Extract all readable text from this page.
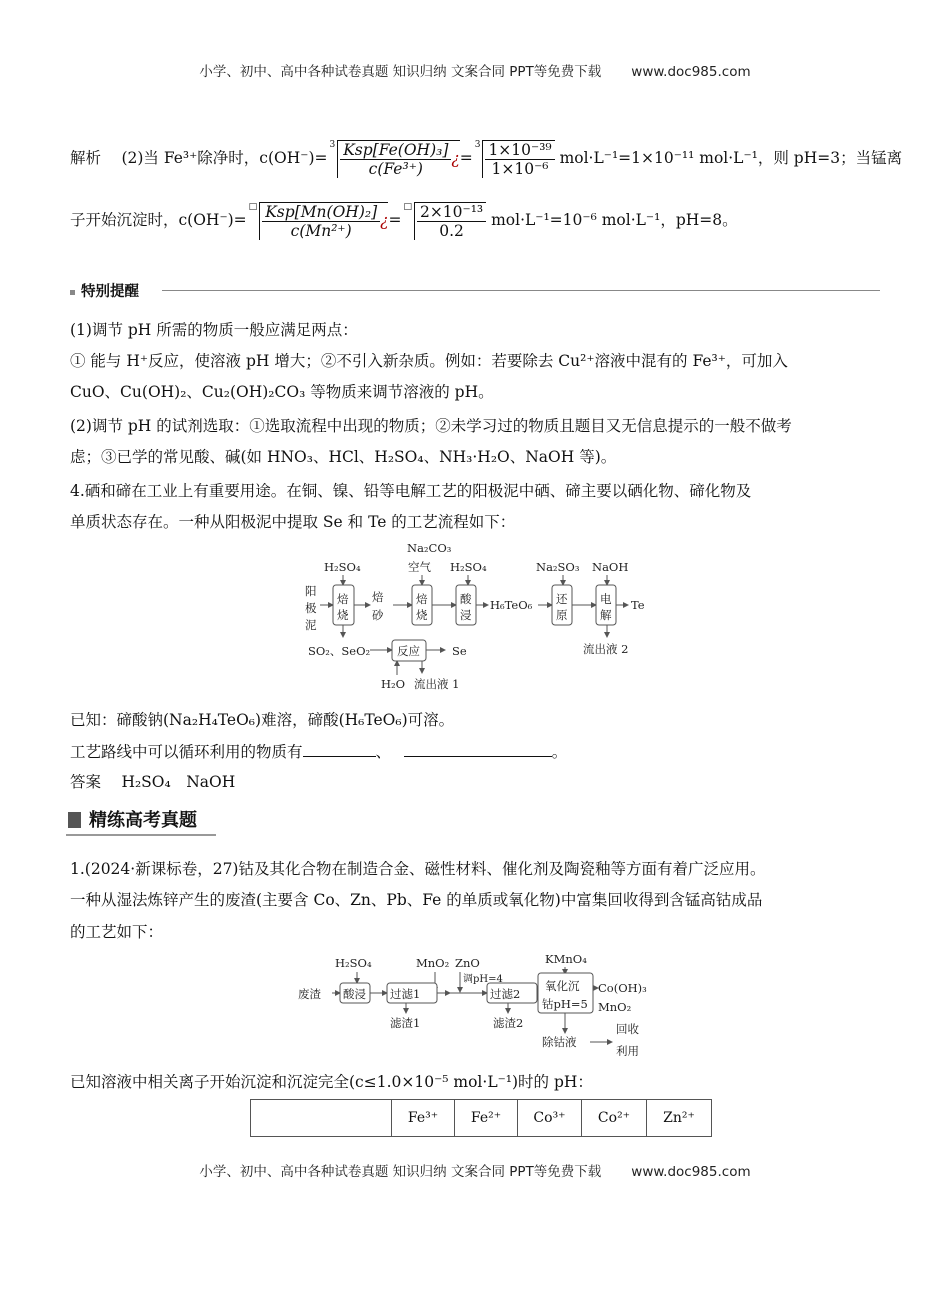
小学、初中、高中各种试卷真题 知识归纳 文案合同 PPT等免费下载 www.doc985.com
解析　 (2)当 Fe³⁺除净时，c(OH⁻)=$^3$ Ksp[Fe(OH)₃]
c(Fe³⁺)
¿$=^3 \frac{\text{1×10⁻³⁹}}{\text{1×10⁻⁶}} mol\cdot L^{-1}=1\times 10^{-11}$ mol·L⁻¹，则 pH=3；当锰离
子开始沉淀时，c(OH⁻)=□ Ksp[Mn(OH)₂]
c(Mn²⁺)
¿$=^□ \frac{\text{2×10⁻¹³}}{0.2} mol\cdot L^{-1}=10^{-6}$ mol·L⁻¹，pH=8。
特别提醒
(1)调节 pH 所需的物质一般应满足两点：
① 能与 H⁺反应，使溶液 pH 增大；②不引入新杂质。例如：若要除去 Cu²⁺溶液中混有的 Fe³⁺，可加入
CuO、Cu(OH)₂、Cu₂(OH)₂CO₃ 等物质来调节溶液的 pH。
(2)调节 pH 的试剂选取：①选取流程中出现的物质；②未学习过的物质且题目又无信息提示的一般不做考
虑；③已学的常见酸、碱(如 HNO₃、HCl、H₂SO₄、NH₃·H₂O、NaOH 等)。
4.硒和碲在工业上有重要用途。在铜、镍、铅等电解工艺的阳极泥中硒、碲主要以硒化物、碲化物及
单质状态存在。一种从阳极泥中提取 Se 和 Te 的工艺流程如下：
H₂SO₄
阳
极
泥
焙
烧
焙
砂
Na₂CO₃
空气
焙
烧
H₂SO₄
酸
浸
H₆TeO₆
Na₂SO₃
还
原
NaOH
电
解
Te
流出液 2
SO₂、SeO₂ 反应	Se
H₂O 流出液 1
已知：碲酸钠(Na₂H₄TeO₆)难溶，碲酸(H₆TeO₆)可溶。
工艺路线中可以循环利用的物质有	、　	。
答案　 H₂SO₄　NaOH
精练高考真题
1.(2024·新课标卷，27)钴及其化合物在制造合金、磁性材料、催化剂及陶瓷釉等方面有着广泛应用。
一种从湿法炼锌产生的废渣(主要含 Co、Zn、Pb、Fe 的单质或氧化物)中富集回收得到含锰高钴成品
的工艺如下：
H₂SO₄
废渣 酸浸 过滤1
MnO₂ ZnO
调pH=4
过滤2
滤渣1	滤渣2
KMnO₄
氧化沉
钴pH=5
Co(OH)₃
MnO₂
除钴液
回收
利用
已知溶液中相关离子开始沉淀和沉淀完全(c≤1.0×10⁻⁵ mol·L⁻¹)时的 pH：
	Fe³⁺	Fe²⁺	Co³⁺	Co²⁺	Zn²⁺
小学、初中、高中各种试卷真题 知识归纳 文案合同 PPT等免费下载 www.doc985.com
